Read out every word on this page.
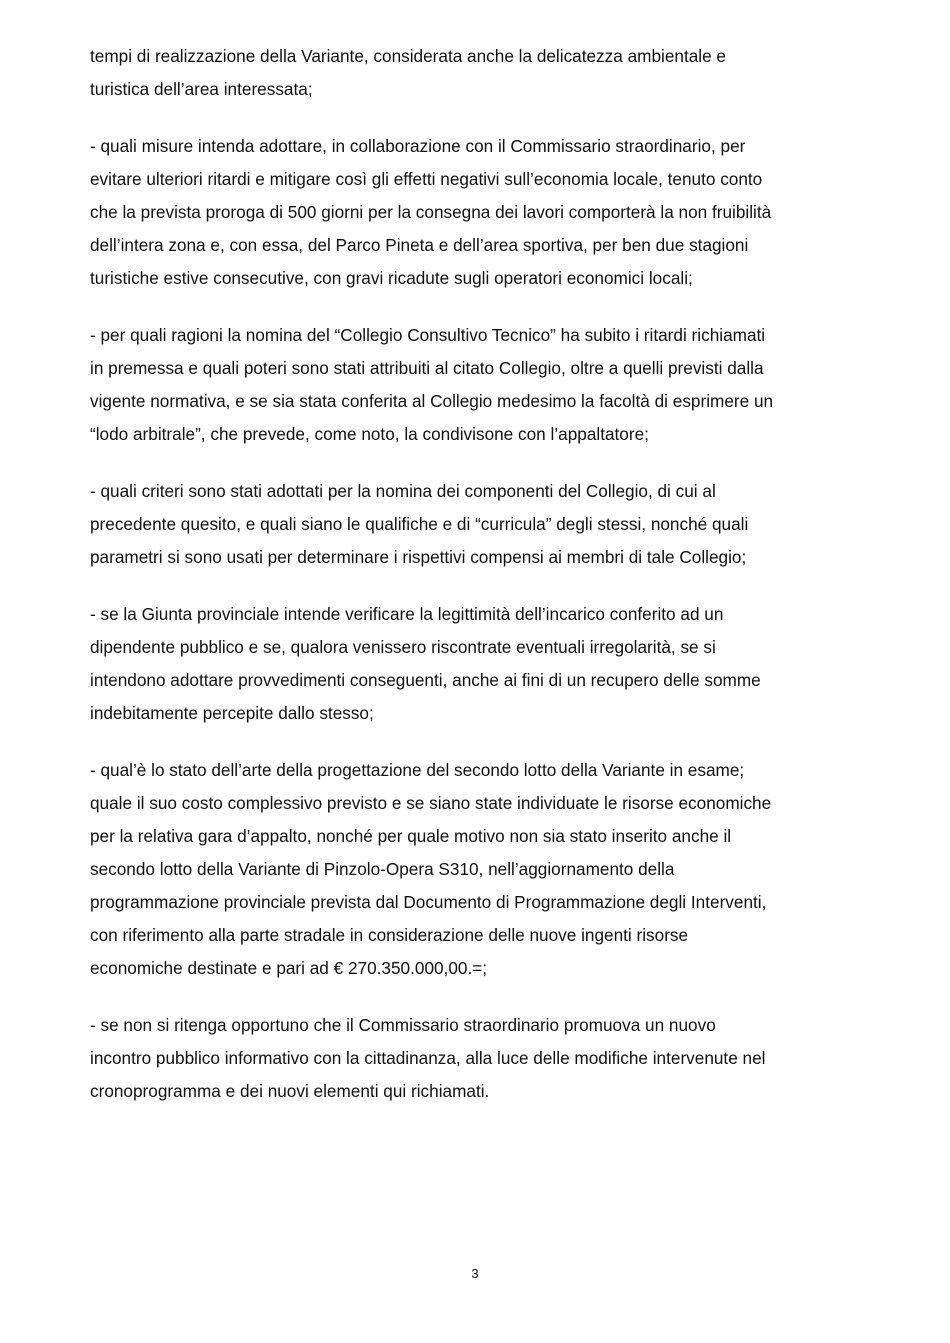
tempi di realizzazione della Variante, considerata anche la delicatezza ambientale e
turistica dell’area interessata;

- quali misure intenda adottare, in collaborazione con il Commissario straordinario, per
evitare ulteriori ritardi e mitigare così gli effetti negativi sull’economia locale, tenuto conto
che la prevista proroga di 500 giorni per la consegna dei lavori comporterà la non fruibilità
dell’intera zona e, con essa, del Parco Pineta e dell’area sportiva, per ben due stagioni
turistiche estive consecutive, con gravi ricadute sugli operatori economici locali;

- per quali ragioni la nomina del “Collegio Consultivo Tecnico” ha subito i ritardi richiamati
in premessa e quali poteri sono stati attribuiti al citato Collegio, oltre a quelli previsti dalla
vigente normativa, e se sia stata conferita al Collegio medesimo la facoltà di esprimere un
“lodo arbitrale”, che prevede, come noto, la condivisone con l’appaltatore;

- quali criteri sono stati adottati per la nomina dei componenti del Collegio, di cui al
precedente quesito, e quali siano le qualifiche e di “curricula” degli stessi, nonché quali
parametri si sono usati per determinare i rispettivi compensi ai membri di tale Collegio;

- se la Giunta provinciale intende verificare la legittimità dell’incarico conferito ad un
dipendente pubblico e se, qualora venissero riscontrate eventuali irregolarità, se si
intendono adottare provvedimenti conseguenti, anche ai fini di un recupero delle somme
indebitamente percepite dallo stesso;

- qual’è lo stato dell’arte della progettazione del secondo lotto della Variante in esame;
quale il suo costo complessivo previsto e se siano state individuate le risorse economiche
per la relativa gara d’appalto, nonché per quale motivo non sia stato inserito anche il
secondo lotto della Variante di Pinzolo-Opera S310, nell’aggiornamento della
programmazione provinciale prevista dal Documento di Programmazione degli Interventi,
con riferimento alla parte stradale in considerazione delle nuove ingenti risorse
economiche destinate e pari ad € 270.350.000,00.=;

- se non si ritenga opportuno che il Commissario straordinario promuova un nuovo
incontro pubblico informativo con la cittadinanza, alla luce delle modifiche intervenute nel
cronoprogramma e dei nuovi elementi qui richiamati.

3
